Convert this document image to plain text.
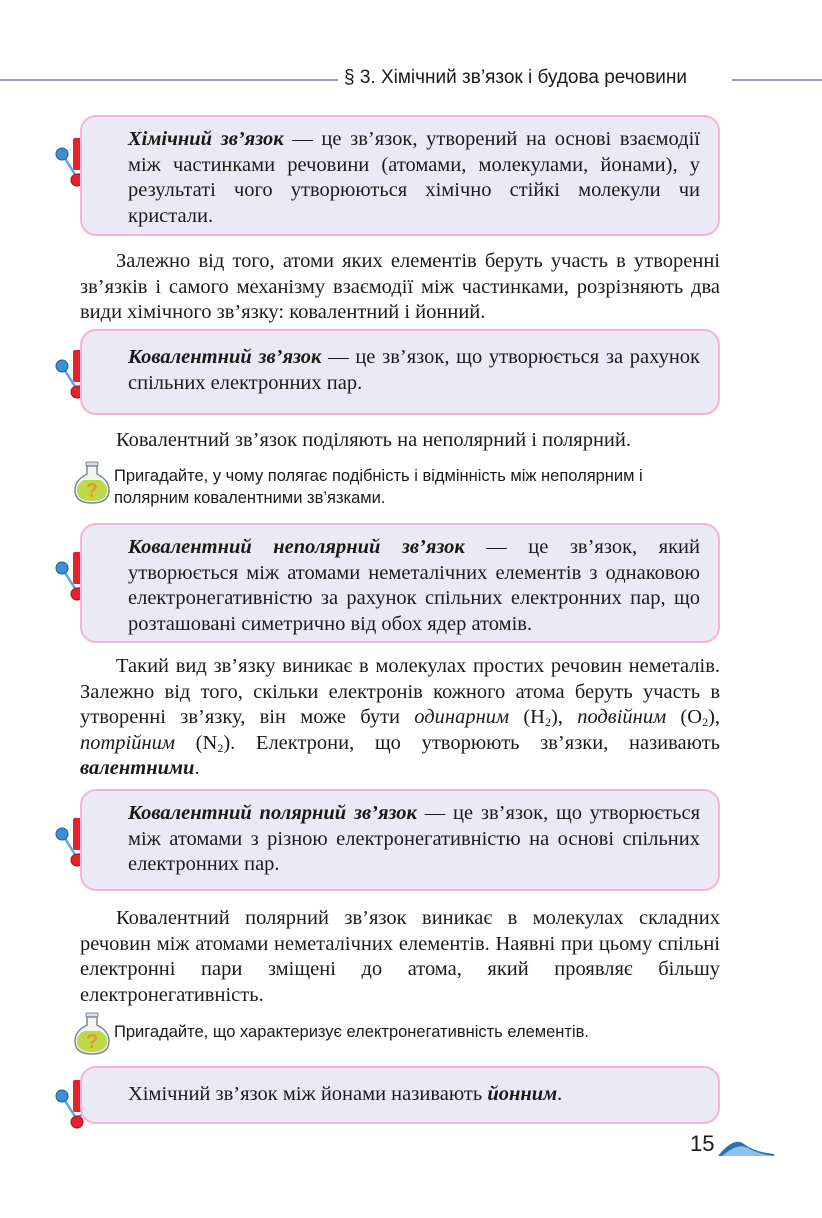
§ 3. Хімічний зв’язок і будова речовини
Хімічний зв’язок — це зв’язок, утворений на основі взаємодії між частинками речовини (атомами, молекулами, йонами), у результаті чого утворюються хімічно стійкі молекули чи кристали.
Залежно від того, атоми яких елементів беруть участь в утворенні зв’язків і самого механізму взаємодії між частинками, розрізняють два види хімічного зв’язку: ковалентний і йонний.
Ковалентний зв’язок — це зв’язок, що утворюється за рахунок спільних електронних пар.
Ковалентний зв’язок поділяють на неполярний і полярний.
Пригадайте, у чому полягає подібність і відмінність між неполярним і полярним ковалентними зв’язками.
Ковалентний неполярний зв’язок — це зв’язок, який утворюється між атомами неметалічних елементів з однаковою електронегативністю за рахунок спільних електронних пар, що розташовані симетрично від обох ядер атомів.
Такий вид зв’язку виникає в молекулах простих речовин неметалів. Залежно від того, скільки електронів кожного атома беруть участь в утворенні зв’язку, він може бути одинарним $(H_2)$, подвійним $(O_2)$, потрійним $(N_2)$. Електрони, що утворюють зв’язки, називають валентними.
Ковалентний полярний зв’язок — це зв’язок, що утворюється між атомами з різною електронегативністю на основі спільних електронних пар.
Ковалентний полярний зв’язок виникає в молекулах складних речовин між атомами неметалічних елементів. Наявні при цьому спільні електронні пари зміщені до атома, який проявляє більшу електронегативність.
Пригадайте, що характеризує електронегативність елементів.
Хімічний зв’язок між йонами називають йонним.
15
